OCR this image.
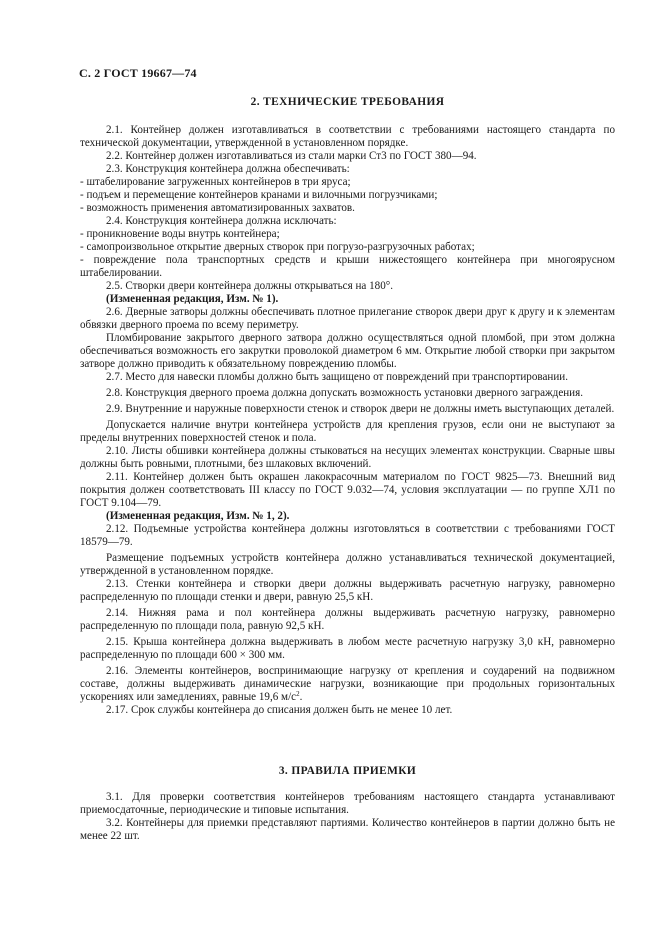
С. 2 ГОСТ 19667—74
2. ТЕХНИЧЕСКИЕ ТРЕБОВАНИЯ

2.1. Контейнер должен изготавливаться в соответствии с требованиями настоящего стандарта по технической документации, утвержденной в установленном порядке.

2.2. Контейнер должен изготавливаться из стали марки Ст3 по ГОСТ 380—94.

2.3. Конструкция контейнера должна обеспечивать:

- штабелирование загруженных контейнеров в три яруса;

- подъем и перемещение контейнеров кранами и вилочными погрузчиками;

- возможность применения автоматизированных захватов.

2.4. Конструкция контейнера должна исключать:

- проникновение воды внутрь контейнера;

- самопроизвольное открытие дверных створок при погрузо-разгрузочных работах;

- повреждение пола транспортных средств и крыши нижестоящего контейнера при многоярусном штабелировании.

2.5. Створки двери контейнера должны открываться на 180°.

(Измененная редакция, Изм. № 1).

2.6. Дверные затворы должны обеспечивать плотное прилегание створок двери друг к другу и к элементам обвязки дверного проема по всему периметру.

Пломбирование закрытого дверного затвора должно осуществляться одной пломбой, при этом должна обеспечиваться возможность его закрутки проволокой диаметром 6 мм. Открытие любой створки при закрытом затворе должно приводить к обязательному повреждению пломбы.

2.7. Место для навески пломбы должно быть защищено от повреждений при транспортировании.

2.8. Конструкция дверного проема должна допускать возможность установки дверного заграждения.

2.9. Внутренние и наружные поверхности стенок и створок двери не должны иметь выступающих деталей.

Допускается наличие внутри контейнера устройств для крепления грузов, если они не выступают за пределы внутренних поверхностей стенок и пола.

2.10. Листы обшивки контейнера должны стыковаться на несущих элементах конструкции. Сварные швы должны быть ровными, плотными, без шлаковых включений.

2.11. Контейнер должен быть окрашен лакокрасочным материалом по ГОСТ 9825—73. Внешний вид покрытия должен соответствовать III классу по ГОСТ 9.032—74, условия эксплуатации — по группе ХЛ1 по ГОСТ 9.104—79.

(Измененная редакция, Изм. № 1, 2).

2.12. Подъемные устройства контейнера должны изготовляться в соответствии с требованиями ГОСТ 18579—79.

Размещение подъемных устройств контейнера должно устанавливаться технической документацией, утвержденной в установленном порядке.

2.13. Стенки контейнера и створки двери должны выдерживать расчетную нагрузку, равномерно распределенную по площади стенки и двери, равную 25,5 кН.

2.14. Нижняя рама и пол контейнера должны выдерживать расчетную нагрузку, равномерно распределенную по площади пола, равную 92,5 кН.

2.15. Крыша контейнера должна выдерживать в любом месте расчетную нагрузку 3,0 кН, равномерно распределенную по площади 600 × 300 мм.

2.16. Элементы контейнеров, воспринимающие нагрузку от крепления и соударений на подвижном составе, должны выдерживать динамические нагрузки, возникающие при продольных горизонтальных ускорениях или замедлениях, равные 19,6 $м/с^2$.

2.17. Срок службы контейнера до списания должен быть не менее 10 лет.

3. ПРАВИЛА ПРИЕМКИ

3.1. Для проверки соответствия контейнеров требованиям настоящего стандарта устанавливают приемосдаточные, периодические и типовые испытания.

3.2. Контейнеры для приемки представляют партиями. Количество контейнеров в партии должно быть не менее 22 шт.
